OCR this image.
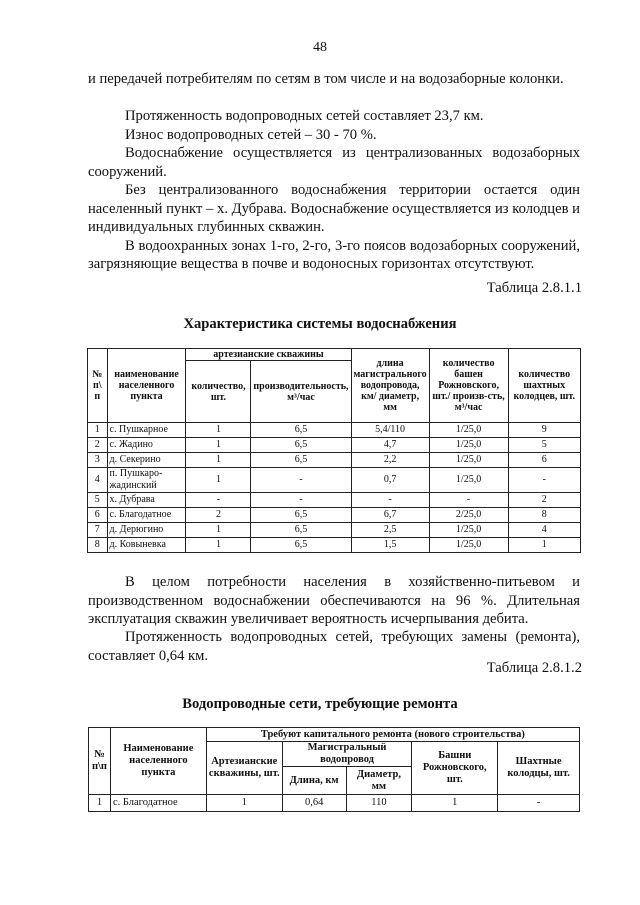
48

и передачей потребителям по сетям в том числе и на водозаборные колонки.

Протяженность водопроводных сетей составляет 23,7 км.

Износ водопроводных сетей – 30 - 70 %.

Водоснабжение осуществляется из централизованных водозаборных сооружений.

Без централизованного водоснабжения территории остается один населенный пункт – х. Дубрава. Водоснабжение осуществляется из колодцев и индивидуальных глубинных скважин.

В водоохранных зонах 1-го, 2-го, 3-го поясов водозаборных сооружений, загрязняющие вещества в почве и водоносных горизонтах отсутствуют.

Таблица 2.8.1.1
Характеристика системы водоснабжения
№ п\ п	наименование населенного пункта	артезианские скважины		длина магистрального водопровода, км/ диаметр, мм	количество башен Рожновского, шт./ произв-сть, м³/час	количество шахтных колодцев, шт.
		количество, шт.	производительность, м³/час			
1	с. Пушкарное	1	6,5	5,4/110	1/25,0	9
2	с. Жадино	1	6,5	4,7	1/25,0	5
3	д. Секерино	1	6,5	2,2	1/25,0	6
4	п. Пушкаро-жадинский	1	-	0,7	1/25,0	-
5	х. Дубрава	-	-	-	-	2
6	с. Благодатное	2	6,5	6,7	2/25,0	8
7	д. Дерюгино	1	6,5	2,5	1/25,0	4
8	д. Ковыневка	1	6,5	1,5	1/25,0	1

В целом потребности населения в хозяйственно-питьевом и производственном водоснабжении обеспечиваются на 96 %. Длительная эксплуатация скважин увеличивает вероятность исчерпывания дебита.

Протяженность водопроводных сетей, требующих замены (ремонта), составляет 0,64 км.

Таблица 2.8.1.2
Водопроводные сети, требующие ремонта
№ п\п	Наименование населенного пункта	Требуют капитального ремонта (нового строительства)				
		Артезианские скважины, шт.	Магистральный водопровод		Башни Рожновского, шт.	Шахтные колодцы, шт.
			Длина, км	Диаметр, мм		
1	с. Благодатное	1	0,64	110	1	-
